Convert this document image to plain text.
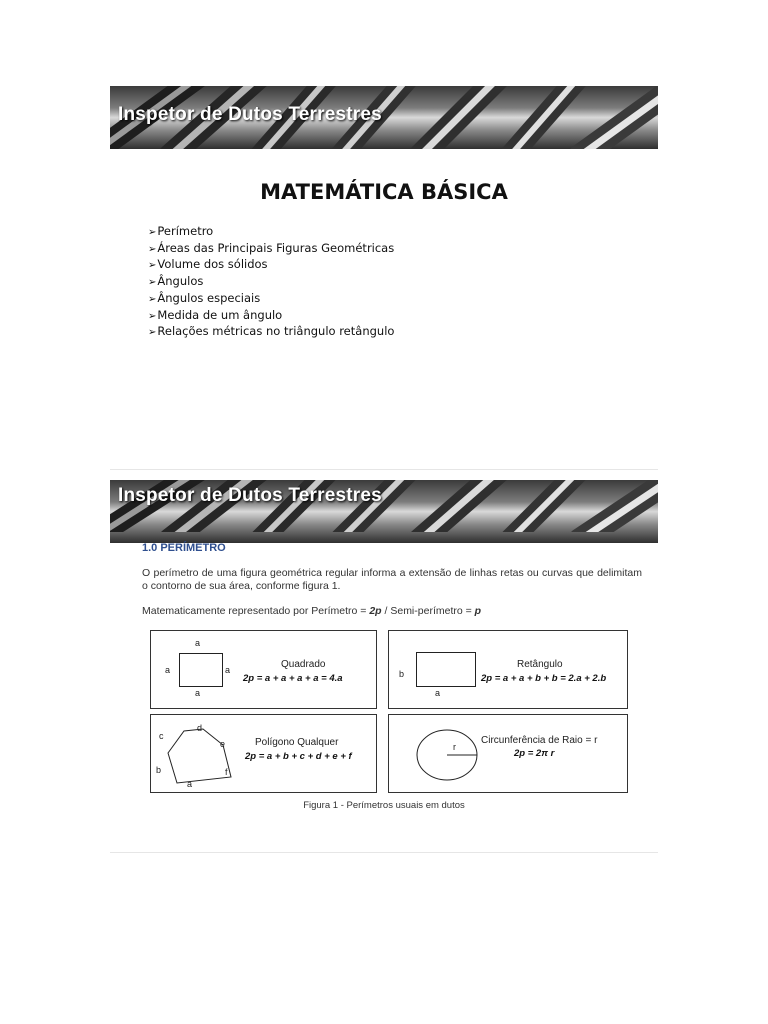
Inspetor de Dutos Terrestres
MATEMÁTICA BÁSICA
➢Perímetro
➢Áreas das Principais Figuras Geométricas
➢Volume dos sólidos
➢Ângulos
➢Ângulos especiais
➢Medida de um ângulo
➢Relações métricas no triângulo retângulo
Inspetor de Dutos Terrestres
1.0 PERÍMETRO
O perímetro de uma figura geométrica regular informa a extensão de linhas retas ou curvas que delimitam o contorno de sua área, conforme figura 1.
Matematicamente representado por Perímetro = 2p / Semi-perímetro = p
a
a	a
a
Quadrado
2p = a + a + a + a = 4.a	b
a
Retângulo
2p = a + a + b + b = 2.a + 2.b
a
b
c
d
e
f
Polígono Qualquer
2p = a + b + c + d + e + f
r
Circunferência de Raio = r
2p = 2π r
Figura 1 - Perímetros usuais em dutos
